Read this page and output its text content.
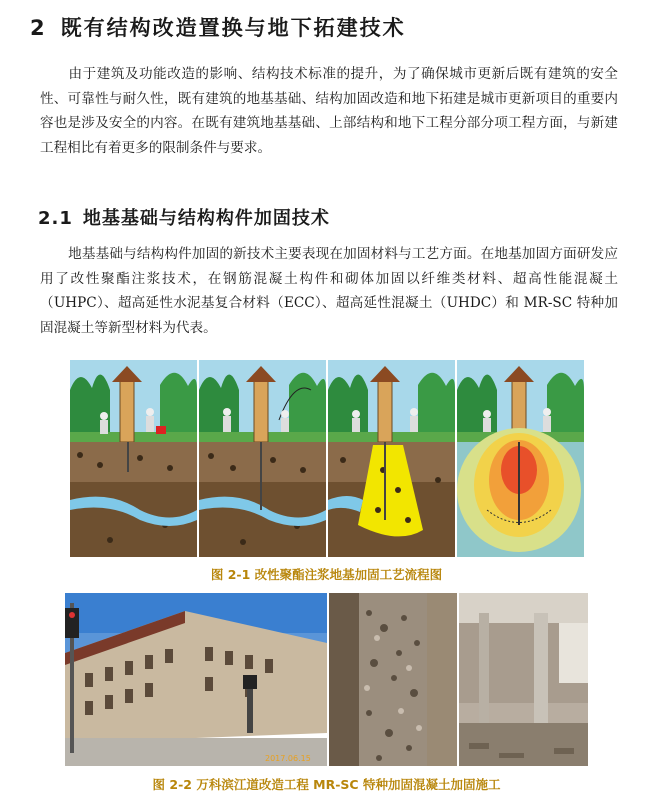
2 既有结构改造置换与地下拓建技术
由于建筑及功能改造的影响、结构技术标准的提升，为了确保城市更新后既有建筑的安全性、可靠性与耐久性，既有建筑的地基基础、结构加固改造和地下拓建是城市更新项目的重要内容也是涉及安全的内容。在既有建筑地基基础、上部结构和地下工程分部分项工程方面，与新建工程相比有着更多的限制条件与要求。
2.1 地基基础与结构构件加固技术
地基基础与结构构件加固的新技术主要表现在加固材料与工艺方面。在地基加固方面研发应用了改性聚酯注浆技术，在钢筋混凝土构件和砌体加固以纤维类材料、超高性能混凝土（UHPC）、超高延性水泥基复合材料（ECC）、超高延性混凝土（UHDC）和 MR-SC 特种加固混凝土等新型材料为代表。
图 2-1 改性聚酯注浆地基加固工艺流程图
2017.06.15
图 2-2 万科滨江道改造工程 MR-SC 特种加固混凝土加固施工
